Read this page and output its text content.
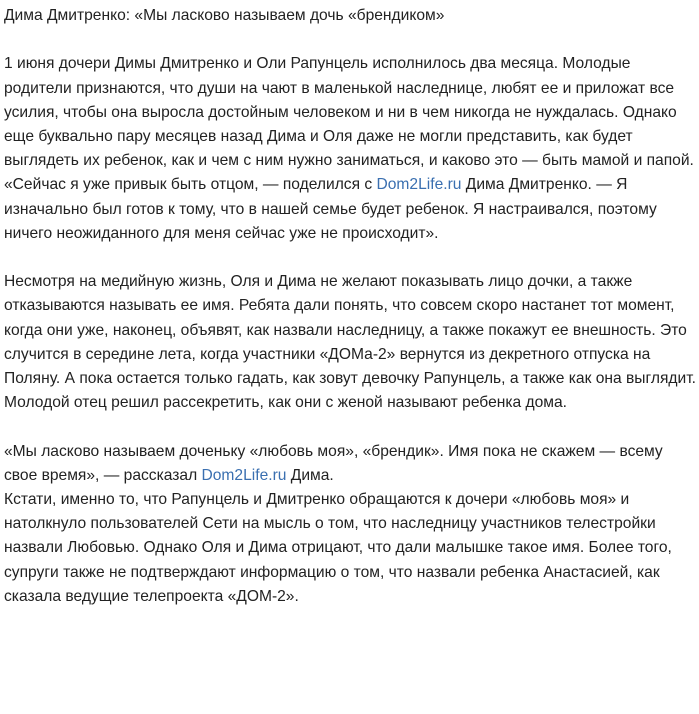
Дима Дмитренко: «Мы ласково называем дочь «брендиком»

1 июня дочери Димы Дмитренко и Оли Рапунцель исполнилось два месяца. Молодые родители признаются, что души на чают в маленькой наследнице, любят ее и приложат все усилия, чтобы она выросла достойным человеком и ни в чем никогда не нуждалась. Однако еще буквально пару месяцев назад Дима и Оля даже не могли представить, как будет выглядеть их ребенок, как и чем с ним нужно заниматься, и каково это — быть мамой и папой.

«Сейчас я уже привык быть отцом, — поделился с Dom2Life.ru Дима Дмитренко. — Я изначально был готов к тому, что в нашей семье будет ребенок. Я настраивался, поэтому ничего неожиданного для меня сейчас уже не происходит».

Несмотря на медийную жизнь, Оля и Дима не желают показывать лицо дочки, а также отказываются называть ее имя. Ребята дали понять, что совсем скоро настанет тот момент, когда они уже, наконец, объявят, как назвали наследницу, а также покажут ее внешность. Это случится в середине лета, когда участники «ДОМа-2» вернутся из декретного отпуска на Поляну. А пока остается только гадать, как зовут девочку Рапунцель, а также как она выглядит. Молодой отец решил рассекретить, как они с женой называют ребенка дома.

«Мы ласково называем доченьку «любовь моя», «брендик». Имя пока не скажем — всему свое время», — рассказал Dom2Life.ru Дима.

Кстати, именно то, что Рапунцель и Дмитренко обращаются к дочери «любовь моя» и натолкнуло пользователей Сети на мысль о том, что наследницу участников телестройки назвали Любовью. Однако Оля и Дима отрицают, что дали малышке такое имя. Более того, супруги также не подтверждают информацию о том, что назвали ребенка Анастасией, как сказала ведущие телепроекта «ДОМ-2».
